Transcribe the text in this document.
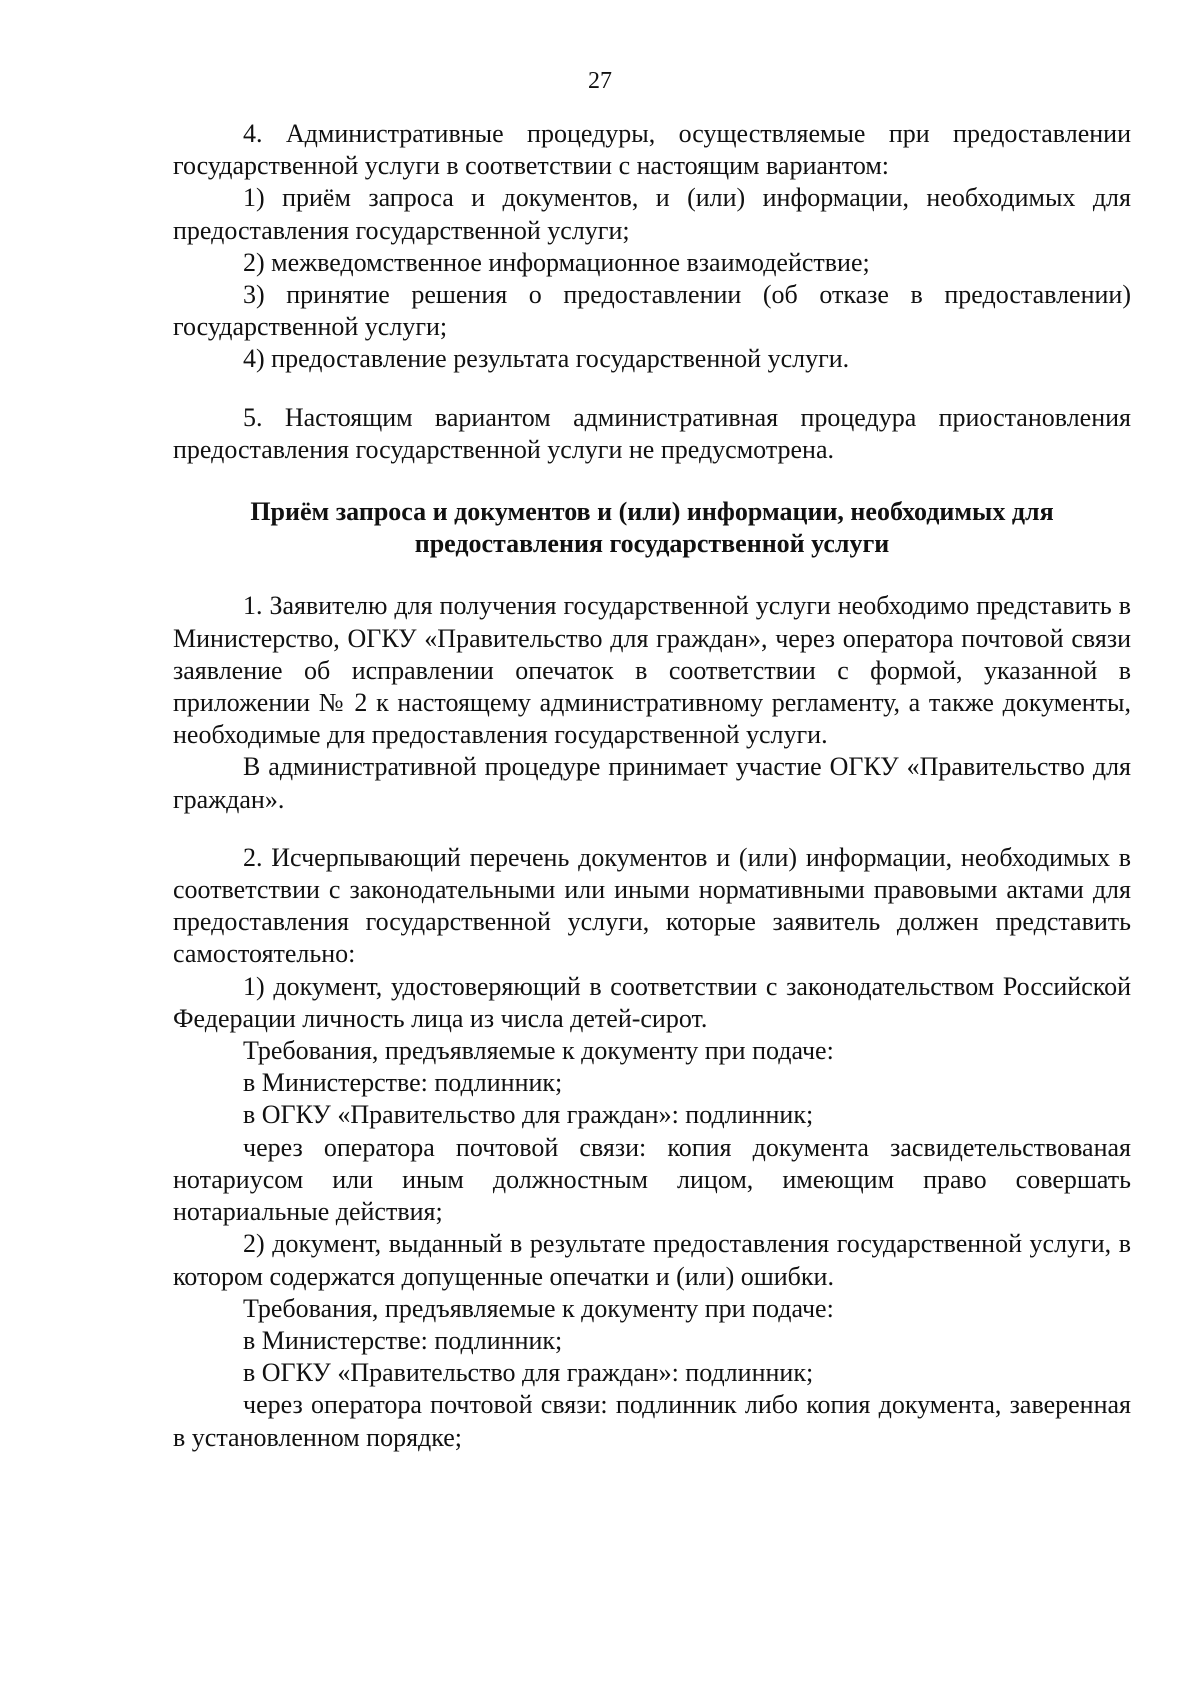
27

4. Административные процедуры, осуществляемые при предоставлении государственной услуги в соответствии с настоящим вариантом:

1) приём запроса и документов, и (или) информации, необходимых для предоставления государственной услуги;

2) межведомственное информационное взаимодействие;

3) принятие решения о предоставлении (об отказе в предоставлении) государственной услуги;

4) предоставление результата государственной услуги.

5. Настоящим вариантом административная процедура приостановления предоставления государственной услуги не предусмотрена.

Приём запроса и документов и (или) информации, необходимых для предоставления государственной услуги

1. Заявителю для получения государственной услуги необходимо представить в Министерство, ОГКУ «Правительство для граждан», через оператора почтовой связи заявление об исправлении опечаток в соответствии с формой, указанной в приложении № 2 к настоящему административному регламенту, а также документы, необходимые для предоставления государственной услуги.

В административной процедуре принимает участие ОГКУ «Правительство для граждан».

2. Исчерпывающий перечень документов и (или) информации, необходимых в соответствии с законодательными или иными нормативными правовыми актами для предоставления государственной услуги, которые заявитель должен представить самостоятельно:

1) документ, удостоверяющий в соответствии с законодательством Российской Федерации личность лица из числа детей-сирот.

Требования, предъявляемые к документу при подаче:

в Министерстве: подлинник;

в ОГКУ «Правительство для граждан»: подлинник;

через оператора почтовой связи: копия документа засвидетельствованая нотариусом или иным должностным лицом, имеющим право совершать нотариальные действия;

2) документ, выданный в результате предоставления государственной услуги, в котором содержатся допущенные опечатки и (или) ошибки.

Требования, предъявляемые к документу при подаче:

в Министерстве: подлинник;

в ОГКУ «Правительство для граждан»: подлинник;

через оператора почтовой связи: подлинник либо копия документа, заверенная в установленном порядке;
